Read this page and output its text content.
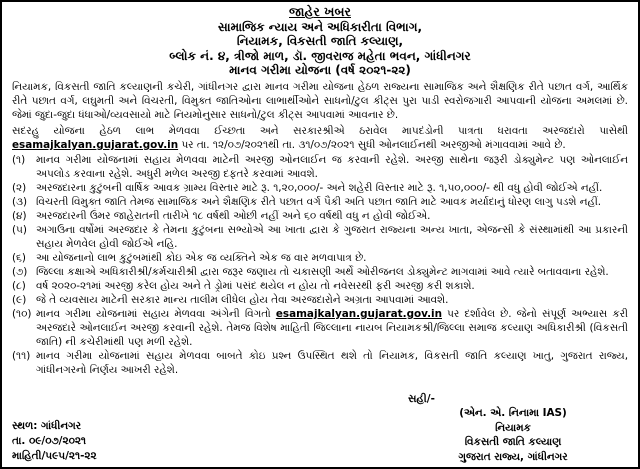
જાહેર ખબર
સામાજિક ન્યાય અને અધિકારીતા વિભાગ,
નિયામક, વિકસતી જાતિ કલ્યાણ,
બ્લોક નં. ૪, ત્રીજો માળ, ડૉ. જીવરાજ મહેતા ભવન, ગાંધીનગર
માનવ ગરીમા યોજના (વર્ષ ૨૦૨૧-૨૨)
નિયામક, વિકસતી જાતિ કલ્યાણની કચેરી, ગાંધીનગર દ્વારા માનવ ગરીમા યોજના હેઠળ રાજ્યના સામાજિક અને શૈક્ષણિક રીતે પછાત વર્ગ, આર્થિક રીતે પછાત વર્ગ, લઘુમતી અને વિચરતી, વિમુક્ત જાતિઓના લાભાર્થીઓને સાધનો/ટુલ કીટ્સ પુરા પાડી સ્વરોજગારી આપવાની યોજના અમલમાં છે. જેમાં જુદા-જુદા ધંધાઓ/વ્યવસાયો માટે નિયમોનુસાર સાધનો/ટુલ કીટ્સ આપવામાં આવનાર છે.
સદરહુ યોજના હેઠળ લાભ મેળવવા ઈચ્છતા અને સરકારશ્રીએ ઠરાવેલ માપદંડોની પાત્રતા ધરાવતા અરજદારો પાસેથી esamajkalyan.gujarat.gov.in પર તા. ૧૨/૦૭/૨૦૨૧થી તા. ૩૧/૦૭/૨૦૨૧ સુધી ઓનલાઈનથી અરજીઓ મંગાવવામાં આવે છે.
(૧)	માનવ ગરીમા યોજનામાં સહાય મેળવવા માટેની અરજી ઓનલાઈન જ કરવાની રહેશે. અરજી સાથેના જરૂરી ડોક્યુમેન્ટ પણ ઓનલાઈન અપલોડ કરવાના રહેશે. અધુરી મળેલ અરજી દફતરે કરવામાં આવશે.
(૨) અરજદારના કુટુંબની વાર્ષિક આવક ગ્રામ્ય વિસ્તાર માટે રૂ. ૧,૨૦,૦૦૦/- અને શહેરી વિસ્તાર માટે રૂ. ૧,૫૦,૦૦૦/- થી વધુ હોવી જોઈએ નહીં.
(૩) વિચરતી વિમુક્ત જાતિ તેમજ સામાજિક અને શૈક્ષણિક રીતે પછાત વર્ગ પૈકી અતિ પછાત જાતિ માટે આવક મર્યાદાનું ધોરણ લાગુ પડશે નહીં.
(૪) અરજદારની ઉંમર જાહેરાતની તારીખે ૧૮ વર્ષથી ઓછી નહીં અને ૬૦ વર્ષથી વધુ ન હોવી જોઈએ.
(૫) અગાઉના વર્ષોમાં અરજદાર કે તેમના કુટુંબના સભ્યોએ આ ખાતા દ્વારા કે ગુજરાત રાજ્યના અન્ય ખાતા, એજન્સી કે સંસ્થામાંથી આ પ્રકારની સહાય મેળવેલ હોવી જોઈએ નહિ.
(૬) આ યોજનાનો લાભ કુટુંબમાંથી કોઇ એક જ વ્યક્તિને એક જ વાર મળવાપાત્ર છે.
(૭) જિલ્લા કક્ષાએ અધિકારીશ્રી/કર્મચારીશ્રી દ્વારા જરૂર જણાય તો ચકાસણી અર્થે ઓરીજનલ ડોક્યુમેન્ટ માગવામાં આવે ત્યારે બતાવવાના રહેશે.
(૮) વર્ષ ૨૦૨૦-૨૧માં અરજી કરેલ હોય અને તે ડ્રોમાં પસંદ થયેલ ન હોય તો નવેસરથી ફરી અરજી કરી શકાશે.
(૯) જે તે વ્યવસાય માટેની સરકાર માન્ય તાલીમ લીધેલ હોય તેવા અરજદારોને અગ્રતા આપવામાં આવશે.
(૧૦) માનવ ગરીમા યોજનામાં સહાય મેળવવા અંગેની વિગતો esamajkalyan.gujarat.gov.in પર દર્શાવેલ છે. જેનો સંપૂર્ણ અભ્યાસ કરી અરજદારે ઓનલાઈન અરજી કરવાની રહેશે. તેમજ વિશેષ માહિતી જિલ્લાના નાયબ નિયામકશ્રી/જિલ્લા સમાજ કલ્યાણ અધિકારીશ્રી (વિકસતી જાતિ) ની કચેરીમાંથી પણ મળી રહેશે.
(૧૧) માનવ ગરીમા યોજનામાં સહાય મેળવવા બાબતે કોઇ પ્રશ્ન ઉપસ્થિત થશે તો નિયામક, વિકસતી જાતિ કલ્યાણ ખાતુ, ગુજરાત રાજ્ય, ગાંધીનગરનો નિર્ણય આખરી રહેશે.
સ્થળ: ગાંધીનગર
તા. ૦૯/૦૭/૨૦૨૧
માહિતી/૫૯૫/૨૧-૨૨
સહી/-
(એન. એ. નિનામા IAS)
નિયામક
વિકસતી જાતિ કલ્યાણ
ગુજરાત રાજ્ય, ગાંધીનગર
